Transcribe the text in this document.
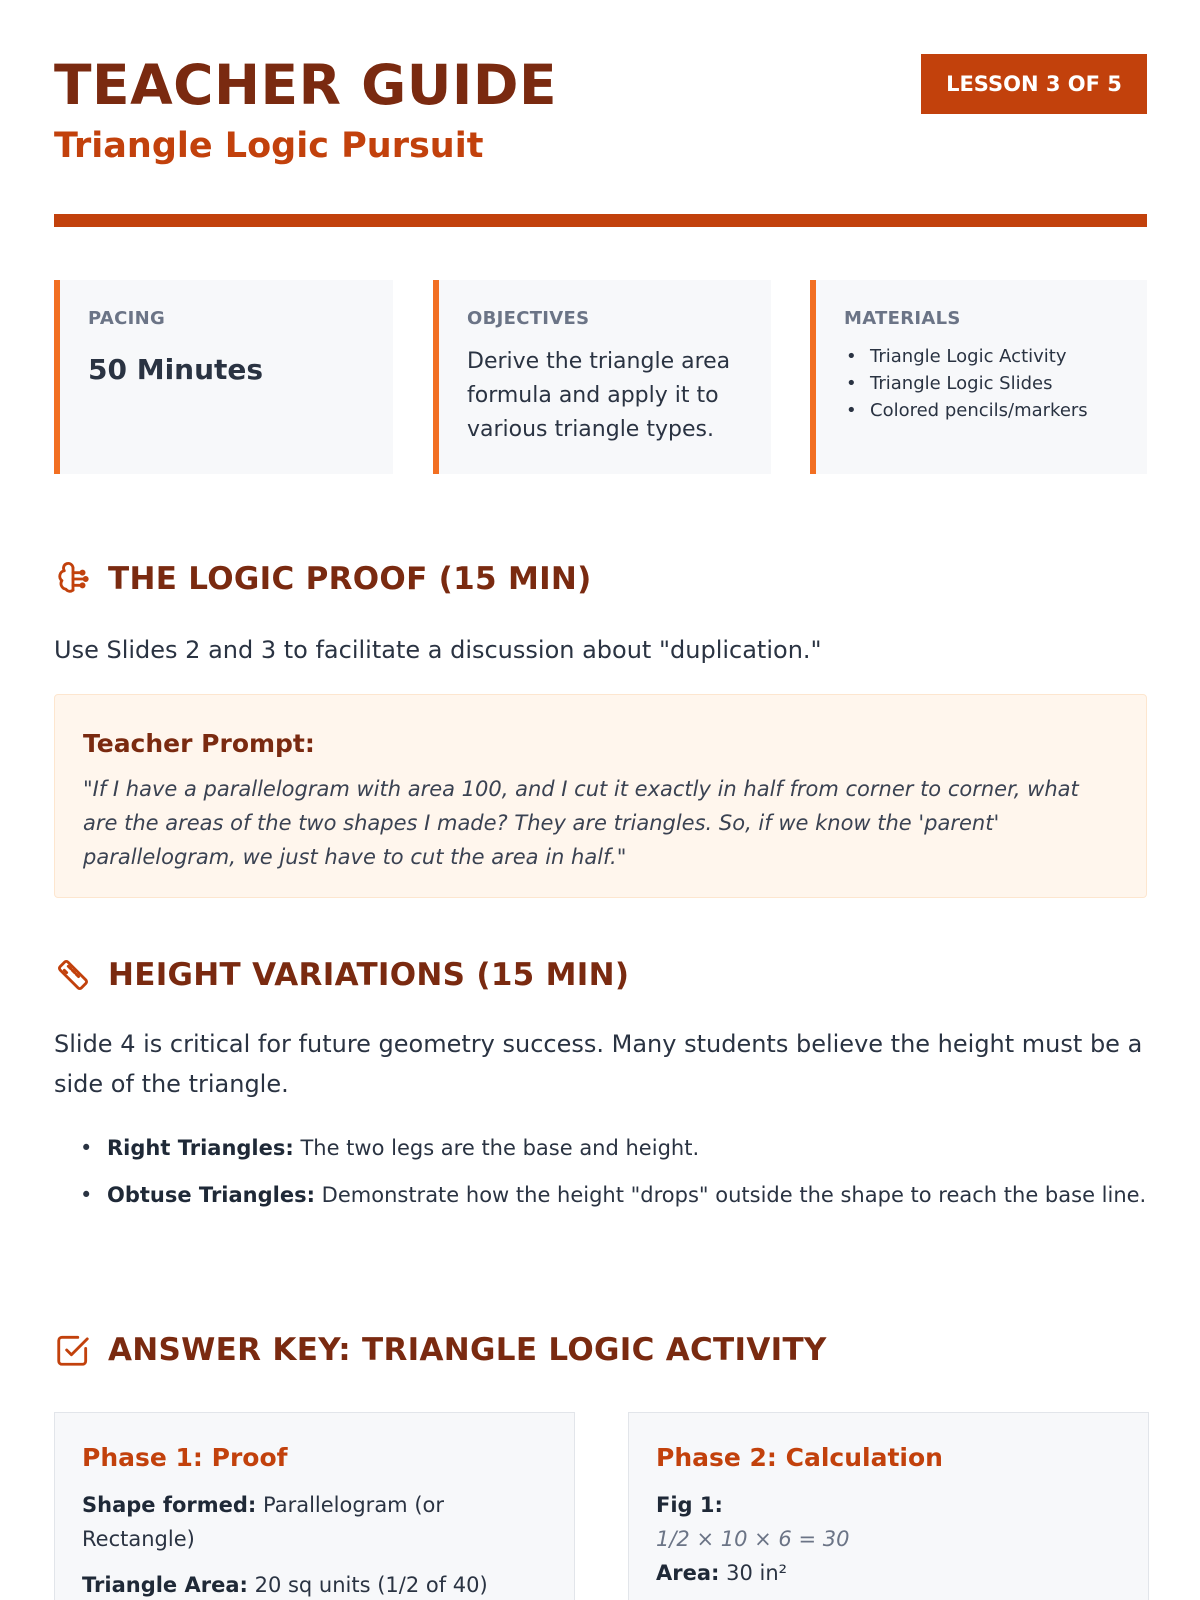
TEACHER GUIDE
Triangle Logic Pursuit
LESSON 3 OF 5
PACING
50 Minutes
OBJECTIVES
Derive the triangle area formula and apply it to various triangle types.
MATERIALS
• Triangle Logic Activity
• Triangle Logic Slides
• Colored pencils/markers
THE LOGIC PROOF (15 MIN)
Use Slides 2 and 3 to facilitate a discussion about "duplication."
Teacher Prompt:
"If I have a parallelogram with area 100, and I cut it exactly in half from corner to corner, what are the areas of the two shapes I made? They are triangles. So, if we know the 'parent' parallelogram, we just have to cut the area in half."
HEIGHT VARIATIONS (15 MIN)
Slide 4 is critical for future geometry success. Many students believe the height must be a side of the triangle.
• Right Triangles: The two legs are the base and height.
• Obtuse Triangles: Demonstrate how the height "drops" outside the shape to reach the base line.
ANSWER KEY: TRIANGLE LOGIC ACTIVITY
Phase 1: Proof
Shape formed: Parallelogram (or Rectangle)
Triangle Area: 20 sq units (1/2 of 40)
Phase 2: Calculation
Fig 1:
1/2 × 10 × 6 = 30
Area: 30 in²
